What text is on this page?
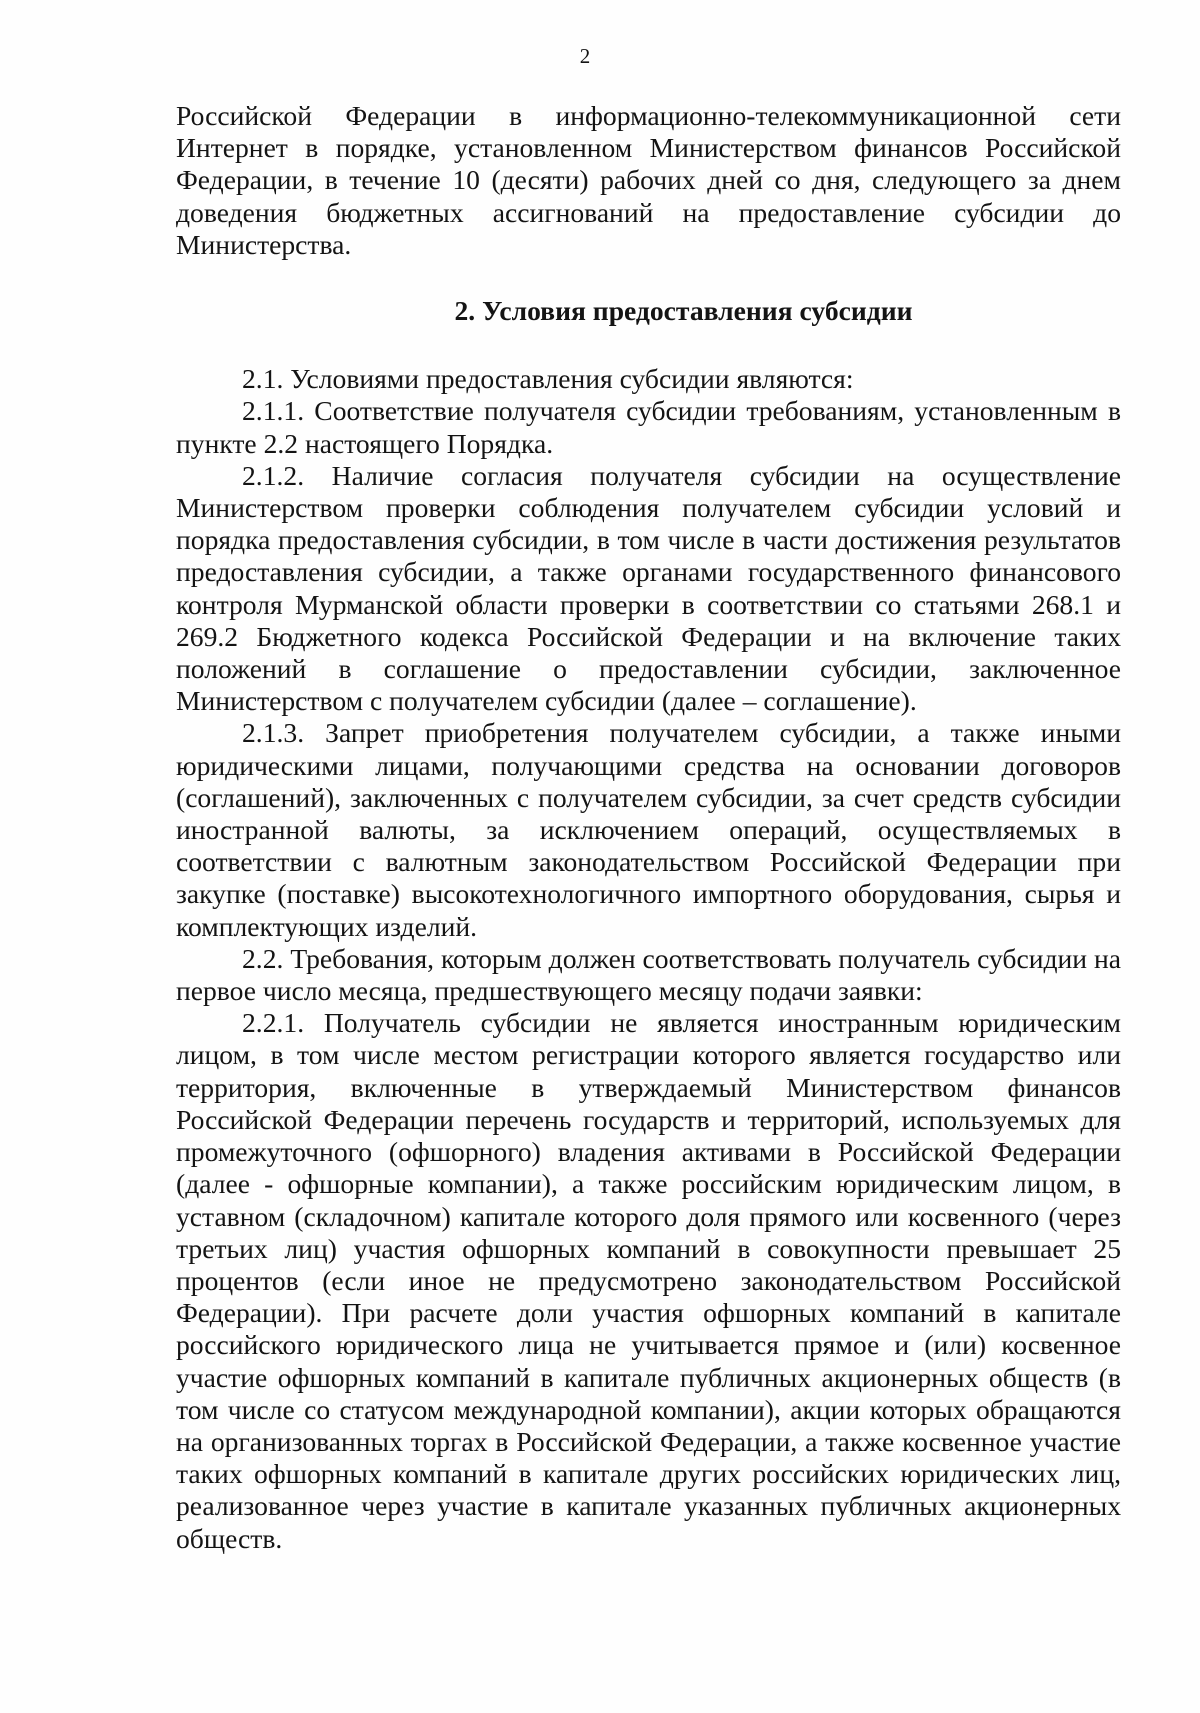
2

Российской Федерации в информационно-телекоммуникационной сети Интернет в порядке, установленном Министерством финансов Российской Федерации, в течение 10 (десяти) рабочих дней со дня, следующего за днем доведения бюджетных ассигнований на предоставление субсидии до Министерства.

2. Условия предоставления субсидии

2.1. Условиями предоставления субсидии являются:

2.1.1. Соответствие получателя субсидии требованиям, установленным в пункте 2.2 настоящего Порядка.

2.1.2. Наличие согласия получателя субсидии на осуществление Министерством проверки соблюдения получателем субсидии условий и порядка предоставления субсидии, в том числе в части достижения результатов предоставления субсидии, а также органами государственного финансового контроля Мурманской области проверки в соответствии со статьями 268.1 и 269.2 Бюджетного кодекса Российской Федерации и на включение таких положений в соглашение о предоставлении субсидии, заключенное Министерством с получателем субсидии (далее – соглашение).

2.1.3. Запрет приобретения получателем субсидии, а также иными юридическими лицами, получающими средства на основании договоров (соглашений), заключенных с получателем субсидии, за счет средств субсидии иностранной валюты, за исключением операций, осуществляемых в соответствии с валютным законодательством Российской Федерации при закупке (поставке) высокотехнологичного импортного оборудования, сырья и комплектующих изделий.

2.2. Требования, которым должен соответствовать получатель субсидии на первое число месяца, предшествующего месяцу подачи заявки:

2.2.1. Получатель субсидии не является иностранным юридическим лицом, в том числе местом регистрации которого является государство или территория, включенные в утверждаемый Министерством финансов Российской Федерации перечень государств и территорий, используемых для промежуточного (офшорного) владения активами в Российской Федерации (далее - офшорные компании), а также российским юридическим лицом, в уставном (складочном) капитале которого доля прямого или косвенного (через третьих лиц) участия офшорных компаний в совокупности превышает 25 процентов (если иное не предусмотрено законодательством Российской Федерации). При расчете доли участия офшорных компаний в капитале российского юридического лица не учитывается прямое и (или) косвенное участие офшорных компаний в капитале публичных акционерных обществ (в том числе со статусом международной компании), акции которых обращаются на организованных торгах в Российской Федерации, а также косвенное участие таких офшорных компаний в капитале других российских юридических лиц, реализованное через участие в капитале указанных публичных акционерных обществ.
